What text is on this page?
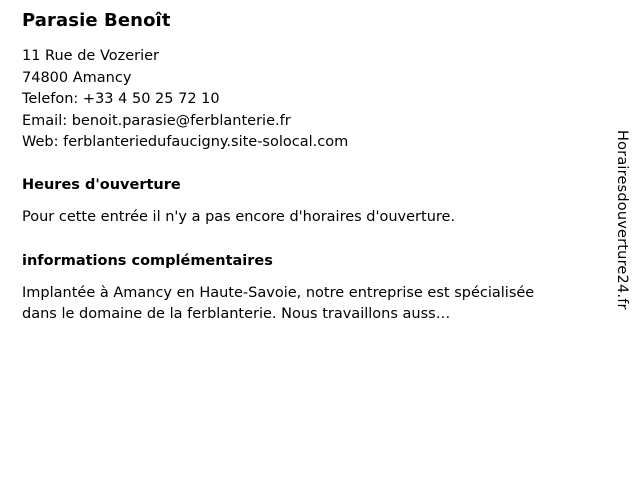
Parasie Benoît
11 Rue de Vozerier
74800 Amancy
Telefon: +33 4 50 25 72 10
Email: benoit.parasie@ferblanterie.fr
Web: ferblanteriedufaucigny.site-solocal.com
Heures d'ouverture

Pour cette entrée il n'y a pas encore d'horaires d'ouverture.

informations complémentaires

Implantée à Amancy en Haute-Savoie, notre entreprise est spécialisée dans le domaine de la ferblanterie. Nous travaillons auss…

Horairesdouverture24.fr
